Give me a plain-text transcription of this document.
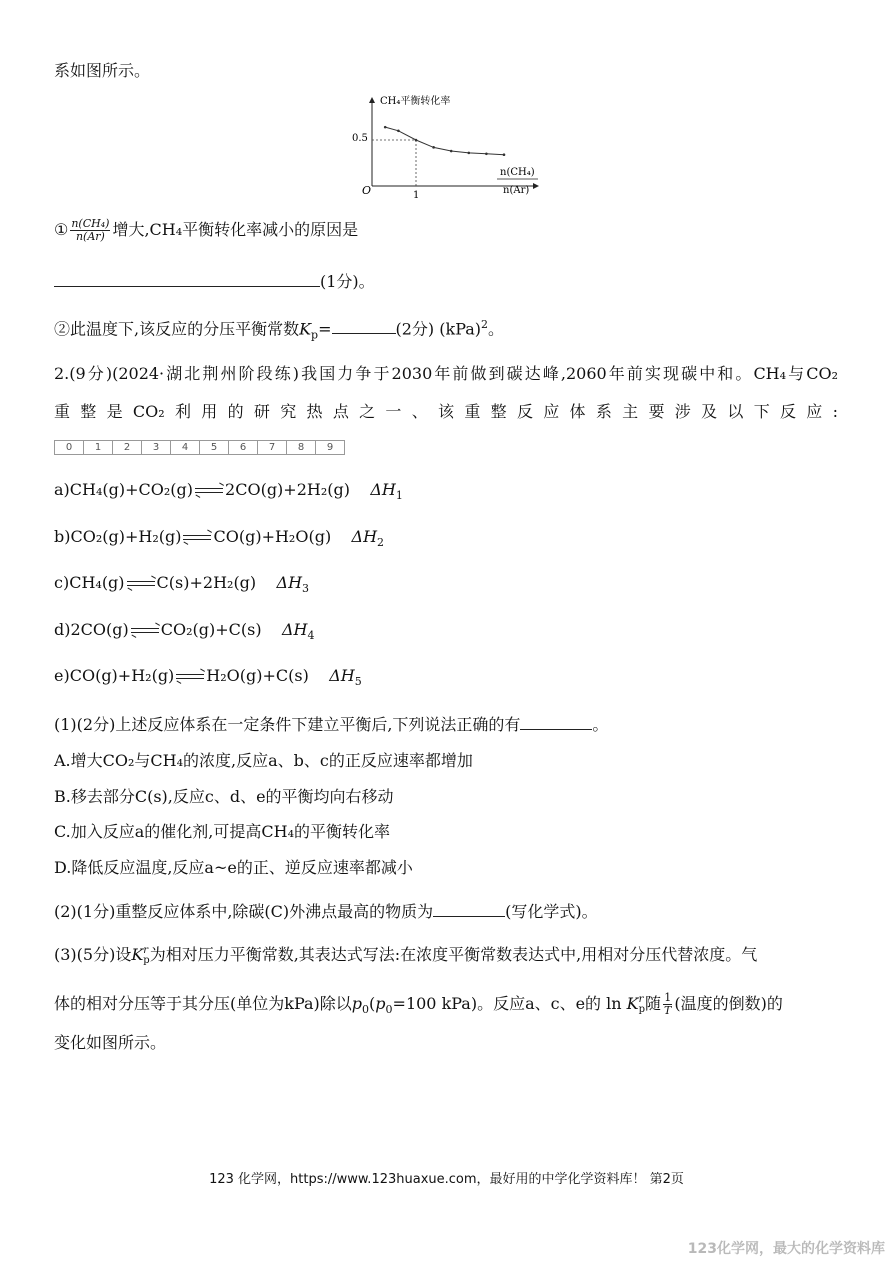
系如图所示。
CH₄平衡转化率
0.5
1
O
n(CH₄)
n(Ar)
① $\frac{\text{n(CH₄)}}{n(Ar)}$ 增大,CH₄平衡转化率减小的原因是
(1分)。
②此温度下,该反应的分压平衡常数$K_p=$	(2分) (kPa)$^2$。
2.(9分)(2024·湖北荆州阶段练)我国力争于2030年前做到碳达峰,2060年前实现碳中和。CH₄与CO₂
重整是CO₂利用的研究热点之一、该重整反应体系主要涉及以下反应:
0	1	2	3	4	5	6	7	8	9
a)CH₄(g)+CO₂(g) 2CO(g)+2H₂(g) $\Delta H_1$
b)CO₂(g)+H₂(g) CO(g)+H₂O(g) $\Delta H_2$
c)CH₄(g) C(s)+2H₂(g) $\Delta H_3$
d)2CO(g) CO₂(g)+C(s) $\Delta H_4$
e)CO(g)+H₂(g) H₂O(g)+C(s) $\Delta H_5$
(1)(2分)上述反应体系在一定条件下建立平衡后,下列说法正确的有	。
A.增大CO₂与CH₄的浓度,反应a、b、c的正反应速率都增加
B.移去部分C(s),反应c、d、e的平衡均向右移动
C.加入反应a的催化剂,可提高CH₄的平衡转化率
D.降低反应温度,反应a~e的正、逆反应速率都减小
(2)(1分)重整反应体系中,除碳(C)外沸点最高的物质为	(写化学式)。
(3)(5分)设K r
p 为相对压力平衡常数,其表达式写法:在浓度平衡常数表达式中,用相对分压代替浓度。气
体的相对分压等于其分压(单位为kPa)除以$p_0(p_0=100$ kPa)。反应a、c、e的 ln K r
p 随 $\frac{1}{T}$ (温度的倒数)的
变化如图所示。
123 化学网，https://www.123huaxue.com，最好用的中学化学资料库！ 第2页
123化学网，最大的化学资料库
